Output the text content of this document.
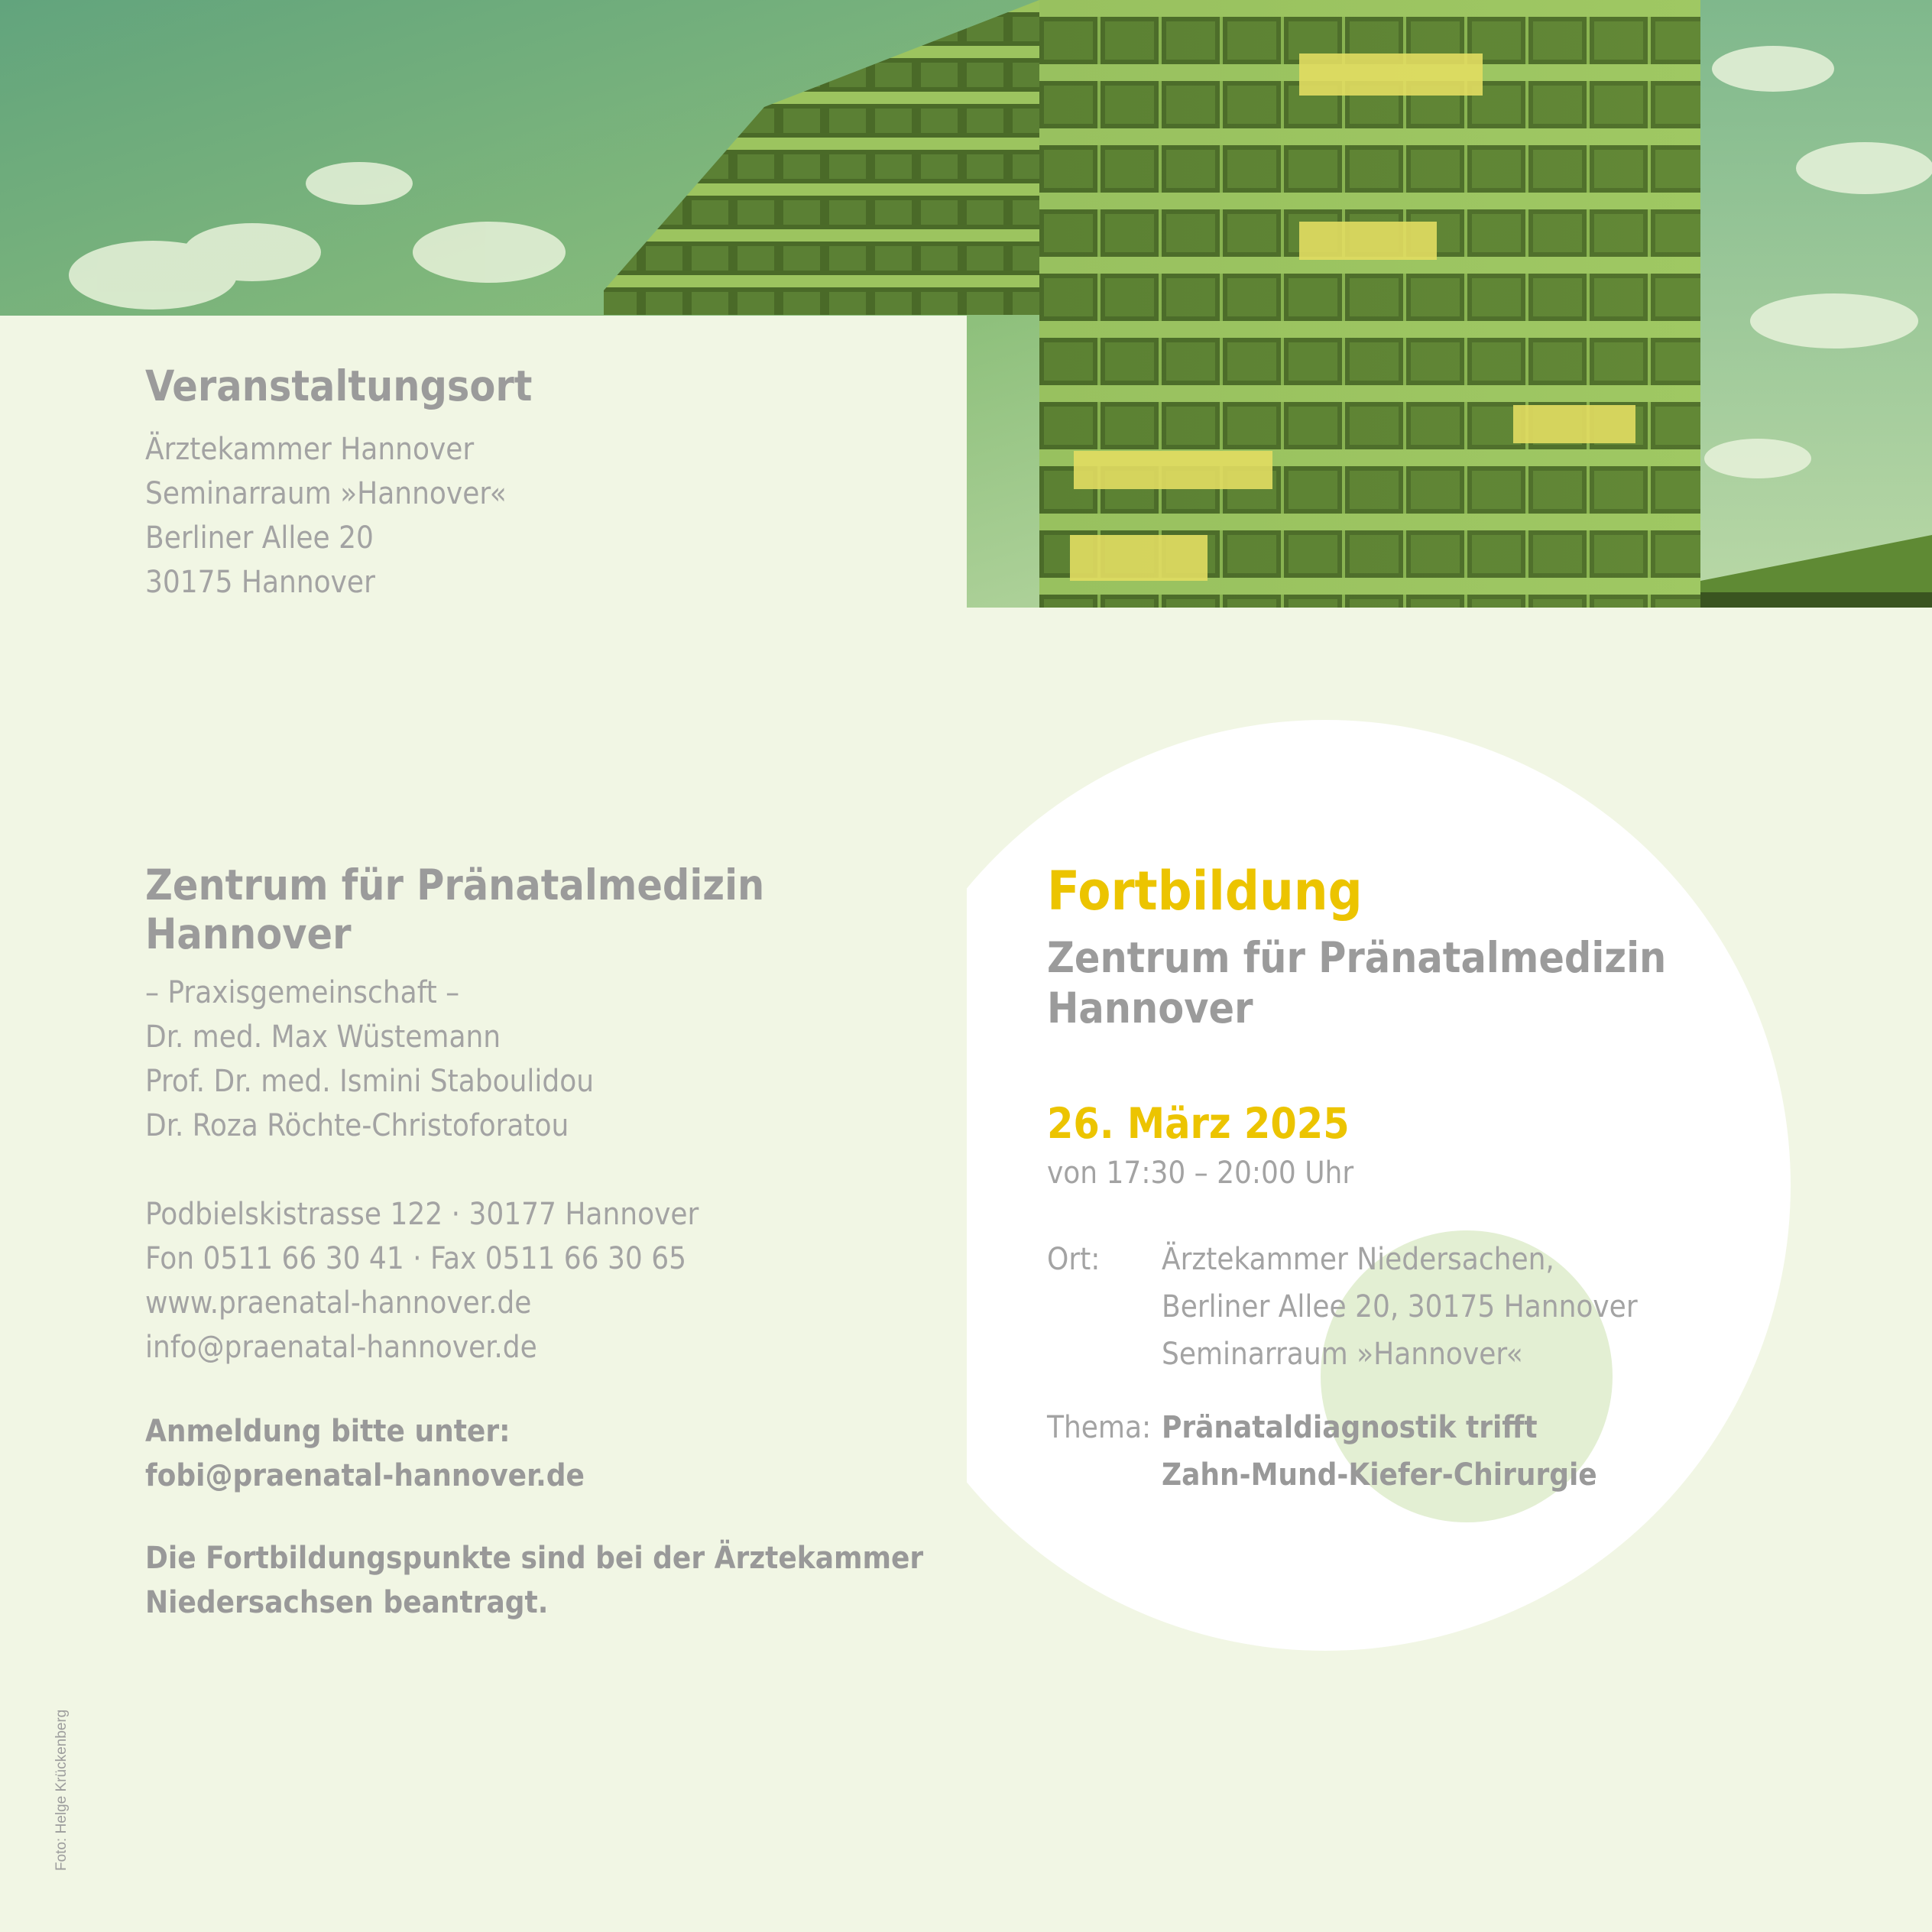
Veranstaltungsort

Ärztekammer Hannover

Seminarraum »Hannover«

Berliner Allee 20

30175 Hannover

Zentrum für Pränatalmedizin

Hannover

– Praxisgemeinschaft –

Dr. med. Max Wüstemann

Prof. Dr. med. Ismini Staboulidou

Dr. Roza Röchte-Christoforatou

Podbielskistrasse 122 · 30177 Hannover

Fon 0511 66 30 41 · Fax 0511 66 30 65

www.praenatal-hannover.de

info@praenatal-hannover.de

Anmeldung bitte unter:

fobi@praenatal-hannover.de

Die Fortbildungspunkte sind bei der Ärztekammer

Niedersachsen beantragt.

Fortbildung

Zentrum für Pränatalmedizin

Hannover

26. März 2025

von 17:30 – 20:00 Uhr

Ort: Ärztekammer Niedersachen,

Berliner Allee 20, 30175 Hannover

Seminarraum »Hannover«

Thema: Pränataldiagnostik trifft

Zahn-Mund-Kiefer-Chirurgie

Foto: Helge Krückenberg
